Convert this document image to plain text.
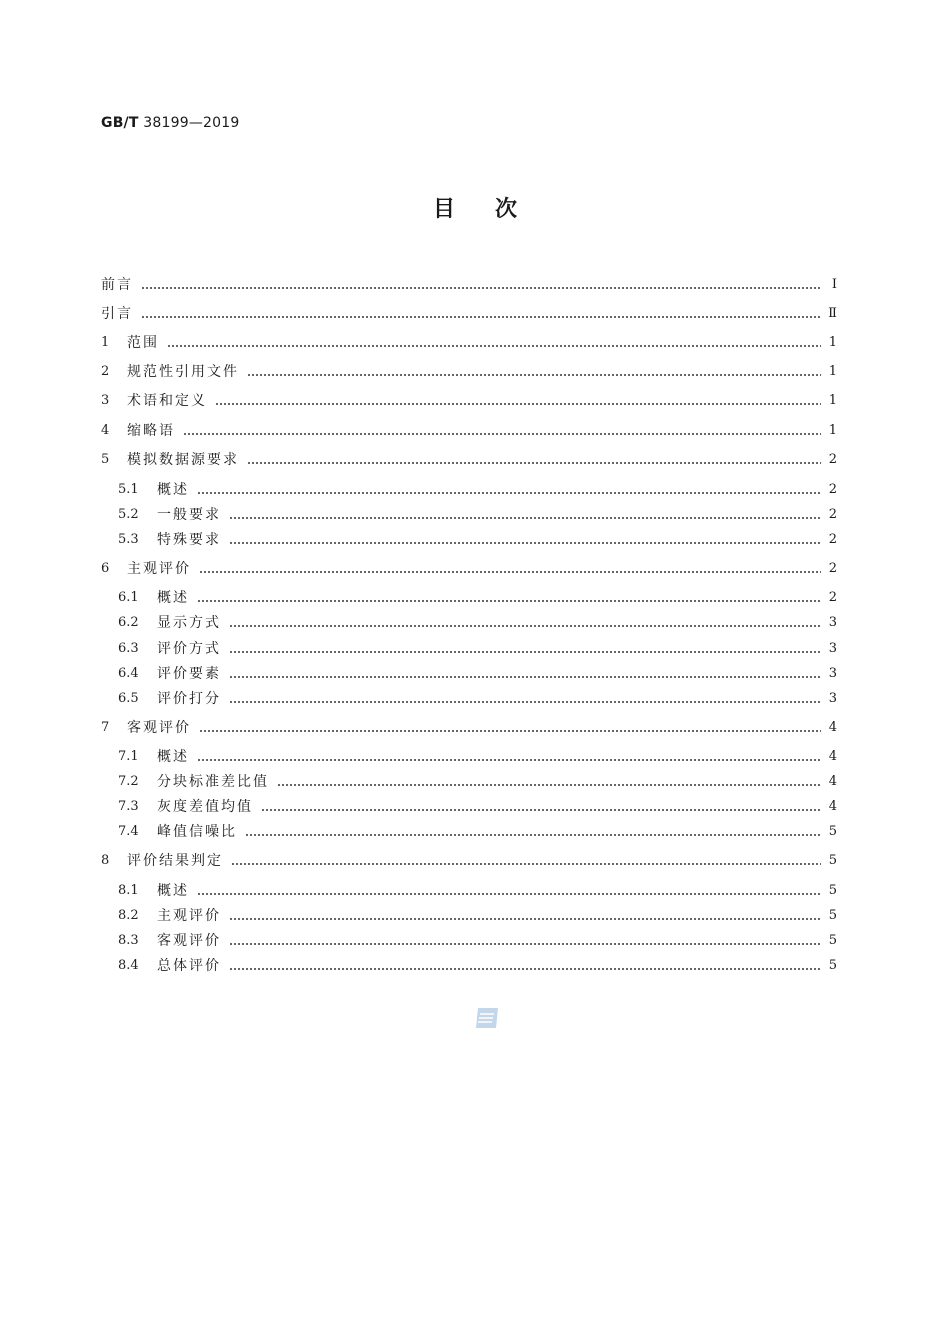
GB/T 38199—2019
目 次
前言	Ⅰ
引言	Ⅱ
1	范围	1
2	规范性引用文件	1
3	术语和定义	1
4	缩略语	1
5	模拟数据源要求	2
5.1	概述	2
5.2	一般要求	2
5.3	特殊要求	2
6	主观评价	2
6.1	概述	2
6.2	显示方式	3
6.3	评价方式	3
6.4	评价要素	3
6.5	评价打分	3
7	客观评价	4
7.1	概述	4
7.2	分块标准差比值	4
7.3	灰度差值均值	4
7.4	峰值信噪比	5
8	评价结果判定	5
8.1	概述	5
8.2	主观评价	5
8.3	客观评价	5
8.4	总体评价	5
